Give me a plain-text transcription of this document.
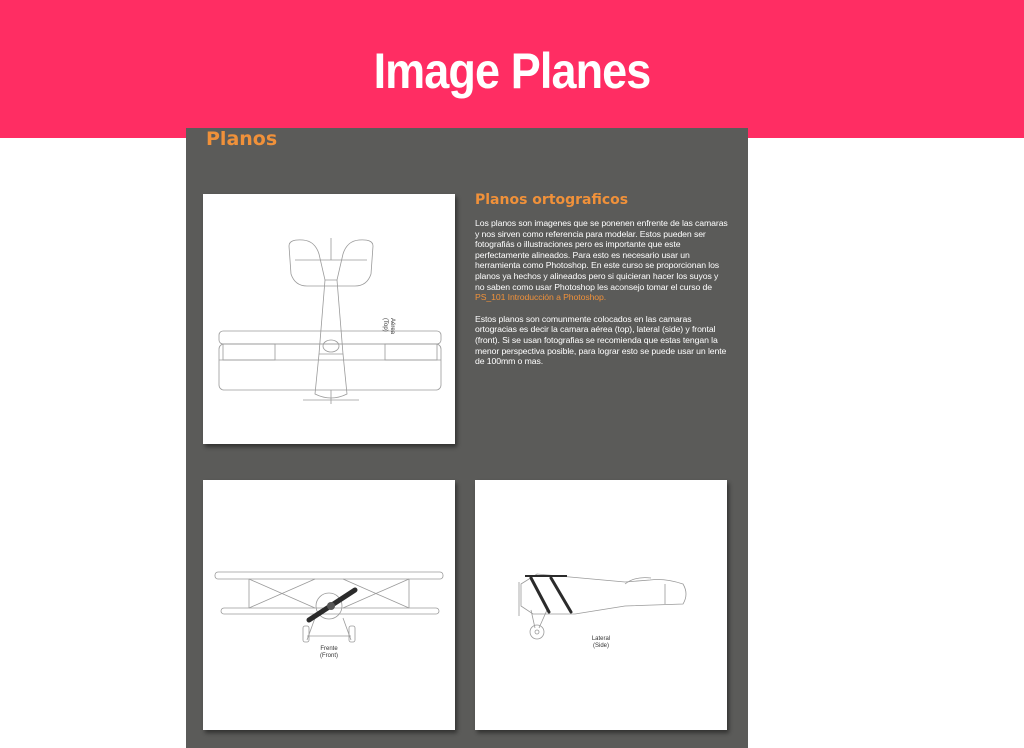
Image Planes
Planos
Aérea
(Top)
Planos ortograficos

Los planos son imagenes que se ponenen enfrente de las camaras y nos sirven como referencia para modelar. Estos pueden ser fotografiás o illustraciones pero es importante que este perfectamente alineados. Para esto es necesario usar un herramienta como Photoshop. En este curso se proporcionan los planos ya hechos y alineados pero si quicieran hacer los suyos y no saben como usar Photoshop les aconsejo tomar el curso de PS_101 Introducción a Photoshop.

Estos planos son comunmente colocados en las camaras ortogracias es decir la camara aérea (top), lateral (side) y frontal (front). Si se usan fotografias se recomienda que estas tengan la menor perspectiva posible, para lograr esto se puede usar un lente de 100mm o mas.

Frente
(Front)
Lateral
(Side)
